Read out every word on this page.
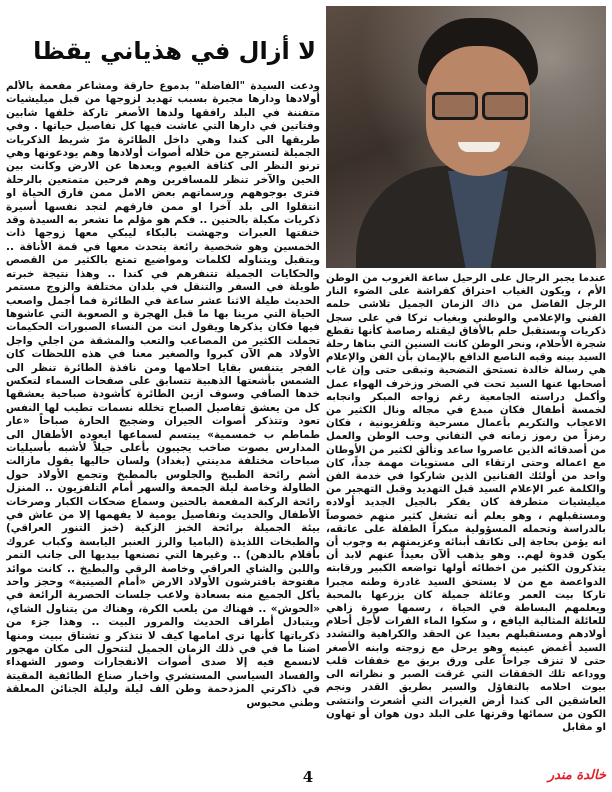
لا أزال في هذياني يقظا

ودعت السيدة "الفاضلة" بدموع حارقة ومشاعر مفعمة بالألم أولادها ودارها مجبرة بسبب تهديد لزوجها من قبل ميليشيات متفننة في البلد رافقها ولدها الأصغر تاركة خلفها شابين وفتاتين في دارها التي عاشت فيها كل تفاصيل حياتها . وفي طريقها الى كندا وهي داخل الطائرة مرّ شريط الذكريات الجميلة لتسترجع من خلاله أصوات أولادها وهم يودعونها وهي ترنو النظر الى كثافة الغيوم وبعدها عن الارض وكانت بين الحين والآخر تنظر للمسافرين وهم فرحين متمتعين بالرحلة فترى بوجوههم ورسماتهم بعض الامل ممن فارق الحياة او انتقلوا الى بلد آخرا او ممن فارقهم لتجد نفسها أسيرة ذكريات مكبلة بالحنين .. فكم هو مؤلم ما تشعر به السيدة وقد خنقتها العبرات وجهشت بالبكاء ليبكي معها زوجها ذات الخمسين وهو شخصية رائعة يتحدث معها في قمة الأناقة .. ويتقبل ويتناوله لكلمات ومواضيع تمتع بالكثير من القصص والحكايات الجميلة تتنفرهم في كندا .. وهذا نتيجة خبرته طويلة في السفر والتنقل في بلدان مختلفة والزوج مستمر الحديث طيلة الاثنا عشر ساعة في الطائرة فما أجمل واصعب الحياة التي مرينا بها ما قبل الهجرة و الصعوبة التي عاشوها فيها فكان يذكرها ويقول انت من النساء الصبورات الحكيمات تحملت الكثير من المصاعب والتعب والمشقة من اجلي واجل الأولاد هم الآن كبروا والصغير معنا في هذه اللحظات كان الفجر يتنفس بقايا احلامها ومن نافذة الطائرة تنظر الى الشمس بأشعتها الذهبية تتسابق على صفحات السماء لتعكس خدها الصافي وسوف ازين الطائرة كأشودة صباحية يعشقها كل من يعشق تفاصيل الصباح تخلله نسمات تطيب لها النفس تعود وتتذكر أصوات الجيران وضجيج الحارة صباحاً «عار طماطم ب خمسمية» يبتسم لسماعها ايعوده الأطفال الى المدارس بصوت صاخب يجيبون بأعلى جيلاً لأشبه بأسيليات صباحات مختلفة مدينتي (بغداد) ولسان حاليها يقول مازالت أشم رائحة الطبيخ والجلوس بالمطبخ وتجمع الأولاد حول الطاولة وخاصة ليلة الجمعة والسهر أمام التلفزيون .. المنزل رائحة الركبة المفعمة بالحنين وسماع ضحكات الكبار وصرخات الأطفال والحديث وتفاصيل يومية لا يفهمها إلا من عاش في بيئة الجميلة برائحة الخبز الزكية (خبز التنور العراقي) والطبخات اللذيذة (الباميا والرز العنبر اليابسة وكباب عروك بأقلام بالدهن) .. وغيرها التي تصنعها بيديها الى جانب التمر واللبن والشاي العراقي وخاصة الرقي والبطيخ .. كانت موائد مفتوحة بافترشون الأولاد الارض «أمام الصينية» وحجز واحد يأكل الجميع منه بسعادة ولاعب جلسات الحصرية الرائعة في «الحوش» .. فهناك من يلعب الكرة، وهناك من يتناول الشاي، ويتبادل أطراف الحديث والمرور البيت .. وهذا جزء من ذكرياتها كأنها ترى امامها كيف لا تتذكر و تشتاق ببيت ومنها اضنا ما في في ذلك الزمان الجميل لتتحول الى مكان مهجور لانسمع فيه إلا صدى أصوات الانفجارات وصور الشهداء والفساد السياسي المستشري واخبار صناع الطائفية المقيتة في ذاكرتي المزدحمة وطن الف ليلة وليلة الجنائن المعلقة وطني محبوس

عندما يجبر الرجال على الرحيل ساعة الغروب من الوطن الأم ، ويكون الغياب احتراق كفراشة على الضوء النار الرجل الفاضل من ذاك الزمان الجميل تلاشى حلمه الفني والإعلامي والوطني وبغياب تركا في على سجل ذكريات وبستقبل حلم بالأفاق ليقتله رصاصة كأنها تقطع شجرة الأحلام، ونحر الوطن كانت السنين التي بناها رحلة السيد بينه وقبه الناصع الدافع بالإيمان بأن الفن والإعلام هي رسالة خالدة تستحق التضحية وتبقى حتى وإن غاب أصحابها عنها السيد تحت في الصخر وزخرف الهواء عمل وأكمل دراسته الجامعية رغم زواجه المبكر وانجابه لخمسة أطفال فكان مبدع في مجاله ونال الكثير من الاعجاب والتكريم بأعمال مسرحية وتلفزيونية ، فكان رمزاً من رموز زمانه في التفاني وحب الوطن والعمل من أصدقائه الذين عاصروا ساعد وتألق لكثير من الأوطان مع اعماله وحتى ارتقاء الى مستويات مهمة جداً، كان واحد من أولئك الفنانين الذين شاركوا في خدمة الفن والكلمة عبر الإعلام السيد قبل التهديد وقبل التهجير من ميليشيات متطرفة كان يفكر بالجيل الجديد أولاده ومستقبلهم ، وهو يعلم أنه تشغل كثير منهم خصوصاً بالدراسة وتحمله المسؤولية مبكراً الطفلة على عاتقه، انه يؤمن بحاجة إلى تكاتف أبنائه وعزيمتهم به وجوب أن يكون قدوة لهم.. وهو يذهب ألآن بعيداً عنهم لابد أن يتذكرون الكثير من اخطائه أولها تواضعه الكبير ورقابته الدواعصة مع من لا يستحق السيد غادرة وطنه مجبرا تاركا بيت العمر وعائلة جميلة كان يزرعها بالمحبة ويعلمهم البساطة في الحياة ، رسمها صورة زاهي للعائلة المثالية اليافع ، و سكوا الماء الفرات لأجل أحلام أولادهم ومستقبلهم بعيدا عن الحقد والكراهية والتشدد السيد أغمض عينيه وهو يرحل مع زوجته وابنه الأصغر حتى لا تنزف جراحاً على ورق بريق مع خفقات قلب ووداعه تلك الخفقات التي غرقت الصبر و نظراته الى بيوت احلامه بالتفاؤل والسير بطريق القدر ونجم العاشقين الى كندا أرض الغيرات التي أشعرت وانتشى الكون من سمائها وقرتها على البلد دون هوان أو تهاون او مقابل

4	خالدة مندر
